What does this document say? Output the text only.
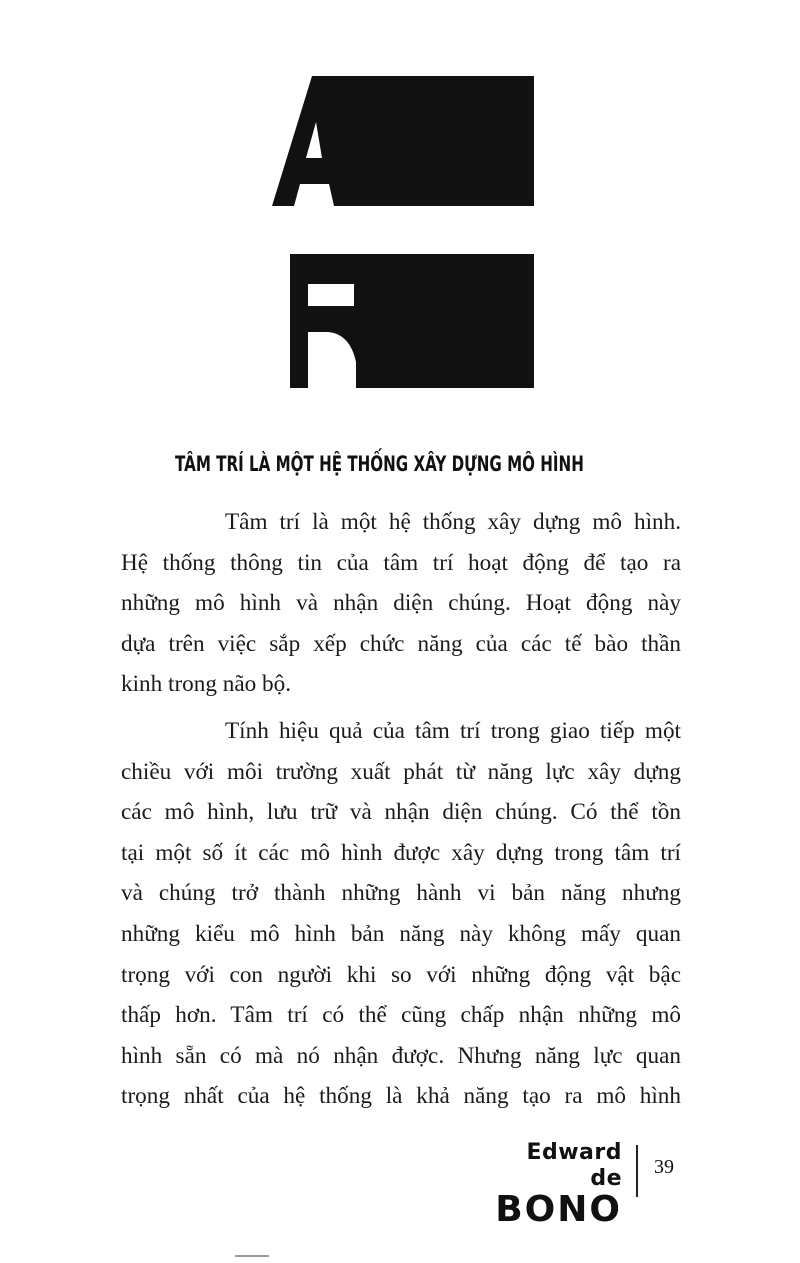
TÂM TRÍ LÀ MỘT HỆ THỐNG XÂY DỰNG MÔ HÌNH

Tâm trí là một hệ thống xây dựng mô hình.
Hệ thống thông tin của tâm trí hoạt động để tạo ra
những mô hình và nhận diện chúng. Hoạt động này
dựa trên việc sắp xếp chức năng của các tế bào thần
kinh trong não bộ.

Tính hiệu quả của tâm trí trong giao tiếp một
chiều với môi trường xuất phát từ năng lực xây dựng
các mô hình, lưu trữ và nhận diện chúng. Có thể tồn
tại một số ít các mô hình được xây dựng trong tâm trí
và chúng trở thành những hành vi bản năng nhưng
những kiểu mô hình bản năng này không mấy quan
trọng với con người khi so với những động vật bậc
thấp hơn. Tâm trí có thể cũng chấp nhận những mô
hình sẵn có mà nó nhận được. Nhưng năng lực quan
trọng nhất của hệ thống là khả năng tạo ra mô hình

Edward de
BONO
39
